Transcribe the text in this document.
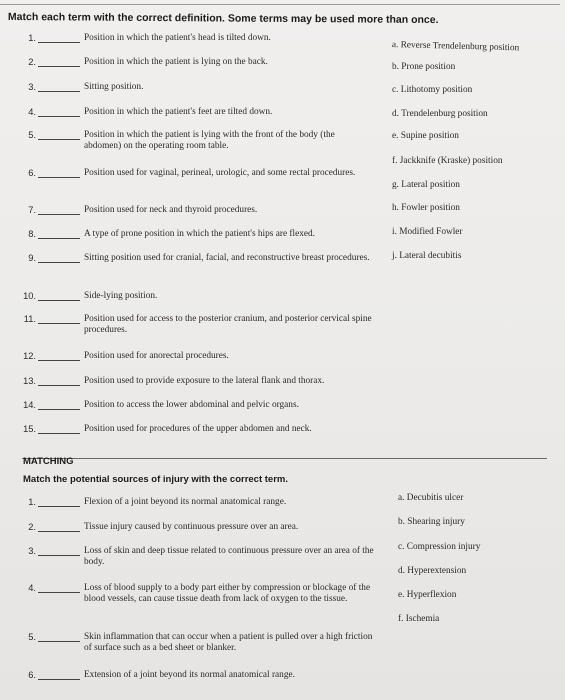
Match each term with the correct definition. Some terms may be used more than once.
1.	Position in which the patient's head is tilted down.
2.	Position in which the patient is lying on the back.
3.	Sitting position.
4.	Position in which the patient's feet are tilted down.
5.	Position in which the patient is lying with the front of the body (the abdomen) on the operating room table.
6.	Position used for vaginal, perineal, urologic, and some rectal procedures.
7.	Position used for neck and thyroid procedures.
8.	A type of prone position in which the patient's hips are flexed.
9.	Sitting position used for cranial, facial, and reconstructive breast procedures.
10.	Side-lying position.
11.	Position used for access to the posterior cranium, and posterior cervical spine procedures.
12.	Position used for anorectal procedures.
13.	Position used to provide exposure to the lateral flank and thorax.
14.	Position to access the lower abdominal and pelvic organs.
15.	Position used for procedures of the upper abdomen and neck.
a. Reverse Trendelenburg position
b. Prone position
c. Lithotomy position
d. Trendelenburg position
e. Supine position
f. Jackknife (Kraske) position
g. Lateral position
h. Fowler position
i. Modified Fowler
j. Lateral decubitis
MATCHING
Match the potential sources of injury with the correct term.
1.	Flexion of a joint beyond its normal anatomical range.
2.	Tissue injury caused by continuous pressure over an area.
3.	Loss of skin and deep tissue related to continuous pressure over an area of the body.
4.	Loss of blood supply to a body part either by compression or blockage of the blood vessels, can cause tissue death from lack of oxygen to the tissue.
5.	Skin inflammation that can occur when a patient is pulled over a high friction of surface such as a bed sheet or blanker.
6.	Extension of a joint beyond its normal anatomical range.
a. Decubitis ulcer
b. Shearing injury
c. Compression injury
d. Hyperextension
e. Hyperflexion
f. Ischemia
